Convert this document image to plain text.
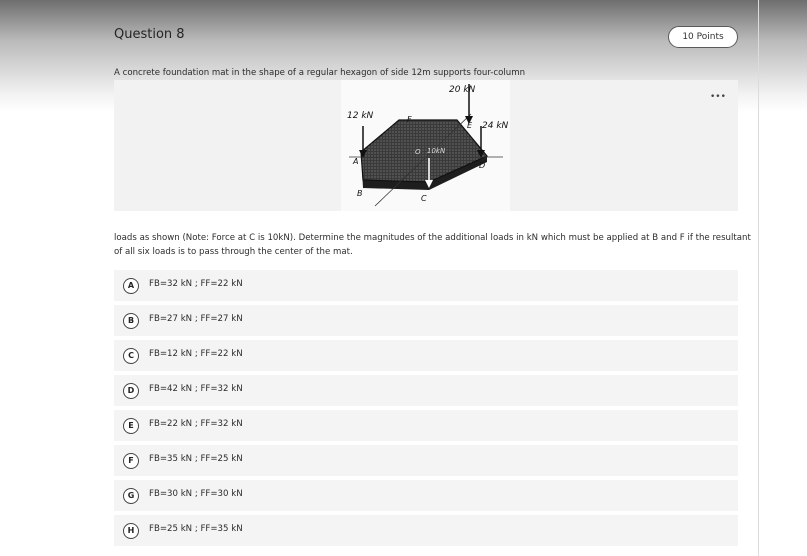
Question 8	10 Points
A concrete foundation mat in the shape of a regular hexagon of side 12m supports four-column
•••
20 kN
12 kN
24 kN
O 10kN
A
B
C
D
E
F
loads as shown (Note: Force at C is 10kN). Determine the magnitudes of the additional loads in kN which must be applied at B and F if the resultant of all six loads is to pass through the center of the mat.
A	FB=32 kN ; FF=22 kN
B	FB=27 kN ; FF=27 kN
C	FB=12 kN ; FF=22 kN
D	FB=42 kN ; FF=32 kN
E	FB=22 kN ; FF=32 kN
F	FB=35 kN ; FF=25 kN
G	FB=30 kN ; FF=30 kN
H	FB=25 kN ; FF=35 kN
